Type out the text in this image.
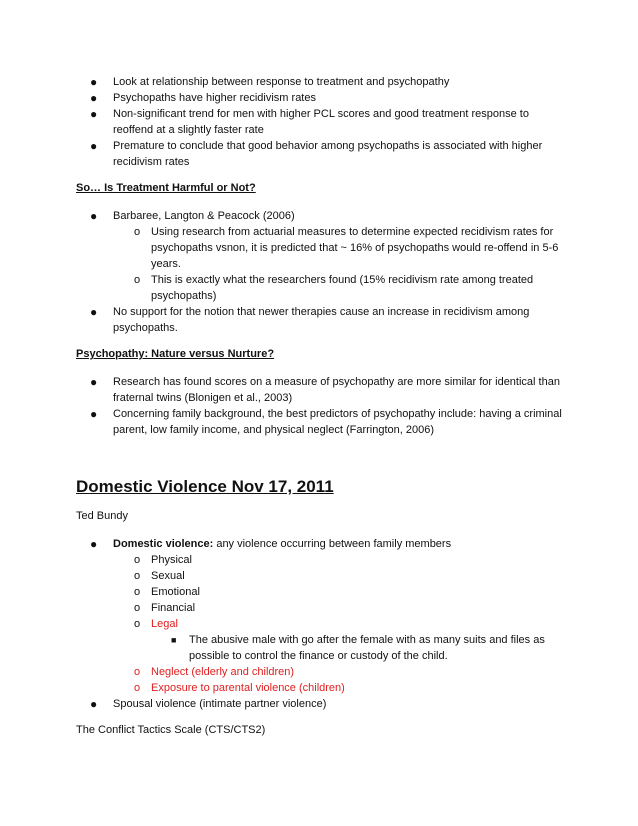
● Look at relationship between response to treatment and psychopathy
● Psychopaths have higher recidivism rates
● Non-significant trend for men with higher PCL scores and good treatment response to reoffend at a slightly faster rate
● Premature to conclude that good behavior among psychopaths is associated with higher recidivism rates
So… Is Treatment Harmful or Not?
● Barbaree, Langton & Peacock (2006)
o Using research from actuarial measures to determine expected recidivism rates for psychopaths vsnon, it is predicted that ~ 16% of psychopaths would re-offend in 5-6 years.
o This is exactly what the researchers found (15% recidivism rate among treated psychopaths)
● No support for the notion that newer therapies cause an increase in recidivism among psychopaths.
Psychopathy: Nature versus Nurture?
● Research has found scores on a measure of psychopathy are more similar for identical than fraternal twins (Blonigen et al., 2003)
● Concerning family background, the best predictors of psychopathy include: having a criminal parent, low family income, and physical neglect (Farrington, 2006)
Domestic Violence Nov 17, 2011
Ted Bundy
● Domestic violence: any violence occurring between family members
o Physical
o Sexual
o Emotional
o Financial
o Legal
■ The abusive male with go after the female with as many suits and files as possible to control the finance or custody of the child.
o Neglect (elderly and children)
o Exposure to parental violence (children)
● Spousal violence (intimate partner violence)
The Conflict Tactics Scale (CTS/CTS2)
